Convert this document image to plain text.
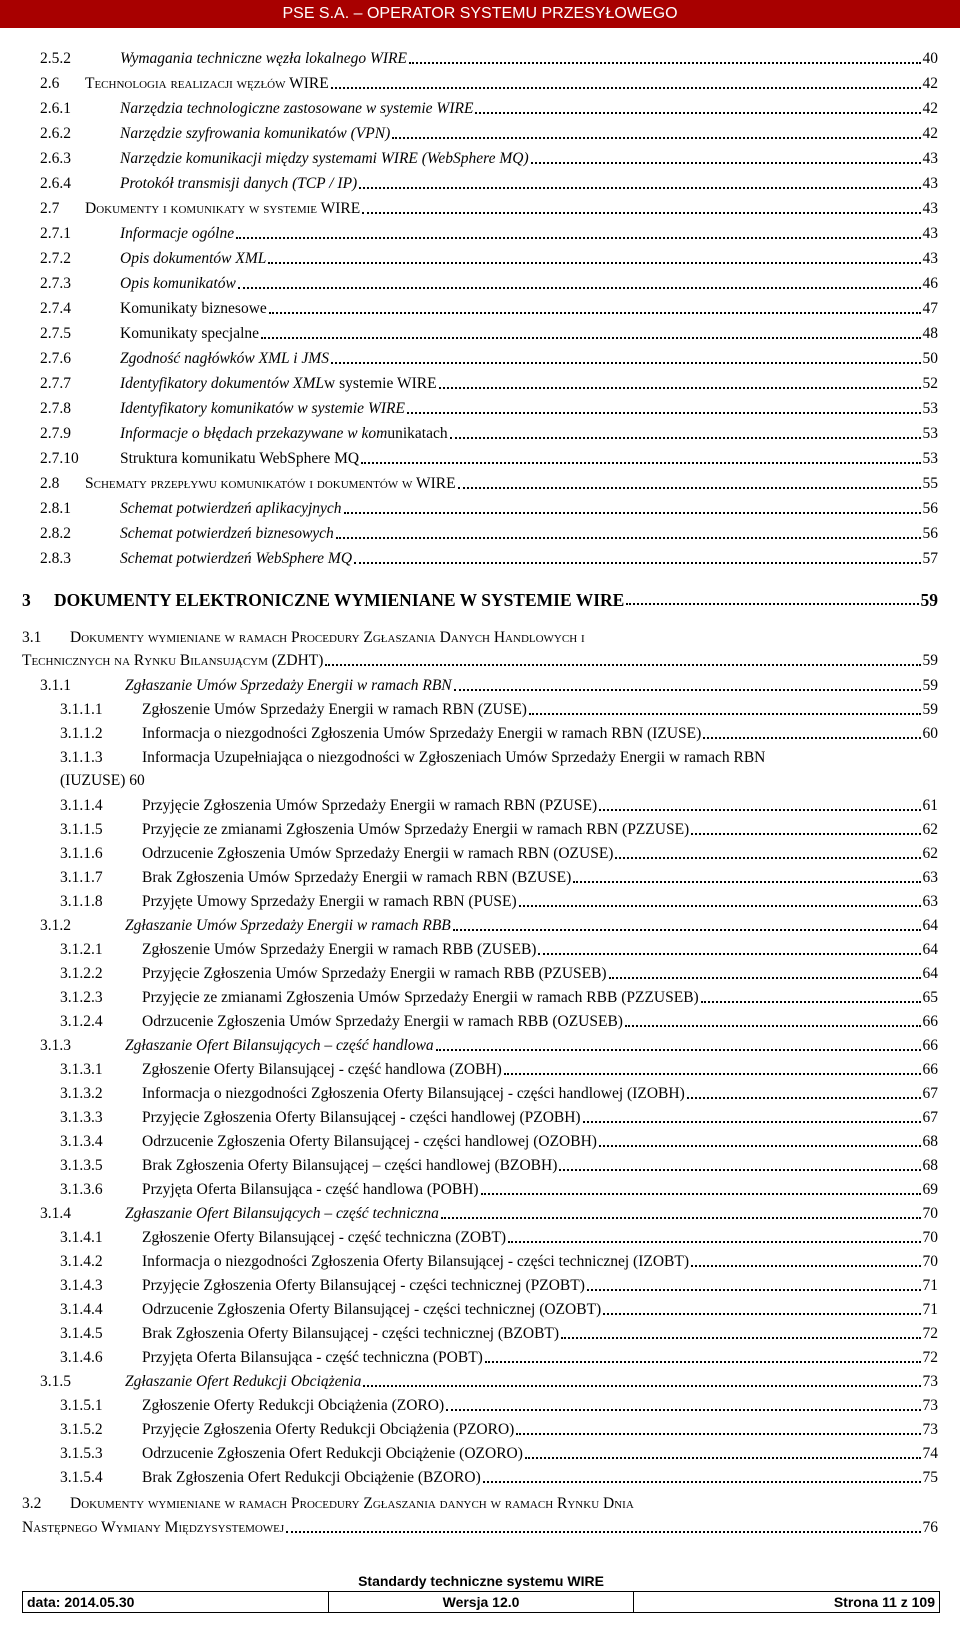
PSE S.A. – OPERATOR SYSTEMU PRZESYŁOWEGO
2.5.2	Wymagania techniczne węzła lokalnego WIRE	40
2.6	Technologia realizacji węzłów WIRE	42
2.6.1	Narzędzia technologiczne zastosowane w systemie WIRE	42
2.6.2	Narzędzie szyfrowania komunikatów (VPN)	42
2.6.3	Narzędzie komunikacji między systemami WIRE (WebSphere MQ)	43
2.6.4	Protokół transmisji danych (TCP / IP)	43
2.7	Dokumenty i komunikaty w systemie WIRE	43
2.7.1	Informacje ogólne	43
2.7.2	Opis dokumentów XML	43
2.7.3	Opis komunikatów	46
2.7.4	Komunikaty biznesowe	47
2.7.5	Komunikaty specjalne	48
2.7.6	Zgodność nagłówków XML i JMS	50
2.7.7	Identyfikatory dokumentów XML w systemie WIRE	52
2.7.8	Identyfikatory komunikatów w systemie WIRE	53
2.7.9	Informacje o błędach przekazywane w kom unikatach	53
2.7.10	Struktura komunikatu WebSphere MQ	53
2.8	Schematy przepływu komunikatów i dokumentów w WIRE	55
2.8.1	Schemat potwierdzeń aplikacyjnych	56
2.8.2	Schemat potwierdzeń biznesowych	56
2.8.3	Schemat potwierdzeń WebSphere MQ	57
3	DOKUMENTY ELEKTRONICZNE WYMIENIANE W SYSTEMIE WIRE	59
3.1	Dokumenty wymieniane w ramach Procedury Zgłaszania Danych Handlowych i
Technicznych na Rynku Bilansującym (ZDHT)	59
3.1.1	Zgłaszanie Umów Sprzedaży Energii w ramach RBN	59
3.1.1.1	Zgłoszenie Umów Sprzedaży Energii w ramach RBN (ZUSE)	59
3.1.1.2	Informacja o niezgodności Zgłoszenia Umów Sprzedaży Energii w ramach RBN (IZUSE)	60
3.1.1.3	Informacja Uzupełniająca o niezgodności w Zgłoszeniach Umów Sprzedaży Energii w ramach RBN
(IUZUSE) 60
3.1.1.4	Przyjęcie Zgłoszenia Umów Sprzedaży Energii w ramach RBN (PZUSE)	61
3.1.1.5	Przyjęcie ze zmianami Zgłoszenia Umów Sprzedaży Energii w ramach RBN (PZZUSE)	62
3.1.1.6	Odrzucenie Zgłoszenia Umów Sprzedaży Energii w ramach RBN (OZUSE)	62
3.1.1.7	Brak Zgłoszenia Umów Sprzedaży Energii w ramach RBN (BZUSE)	63
3.1.1.8	Przyjęte Umowy Sprzedaży Energii w ramach RBN (PUSE)	63
3.1.2	Zgłaszanie Umów Sprzedaży Energii w ramach RBB	64
3.1.2.1	Zgłoszenie Umów Sprzedaży Energii w ramach RBB (ZUSEB)	64
3.1.2.2	Przyjęcie Zgłoszenia Umów Sprzedaży Energii w ramach RBB (PZUSEB)	64
3.1.2.3	Przyjęcie ze zmianami Zgłoszenia Umów Sprzedaży Energii w ramach RBB (PZZUSEB)	65
3.1.2.4	Odrzucenie Zgłoszenia Umów Sprzedaży Energii w ramach RBB (OZUSEB)	66
3.1.3	Zgłaszanie Ofert Bilansujących – część handlowa	66
3.1.3.1	Zgłoszenie Oferty Bilansującej - część handlowa (ZOBH)	66
3.1.3.2	Informacja o niezgodności Zgłoszenia Oferty Bilansującej - części handlowej (IZOBH)	67
3.1.3.3	Przyjęcie Zgłoszenia Oferty Bilansującej - części handlowej (PZOBH)	67
3.1.3.4	Odrzucenie Zgłoszenia Oferty Bilansującej - części handlowej (OZOBH)	68
3.1.3.5	Brak Zgłoszenia Oferty Bilansującej – części handlowej (BZOBH)	68
3.1.3.6	Przyjęta Oferta Bilansująca - część handlowa (POBH)	69
3.1.4	Zgłaszanie Ofert Bilansujących – część techniczna	70
3.1.4.1	Zgłoszenie Oferty Bilansującej - część techniczna (ZOBT)	70
3.1.4.2	Informacja o niezgodności Zgłoszenia Oferty Bilansującej - części technicznej (IZOBT)	70
3.1.4.3	Przyjęcie Zgłoszenia Oferty Bilansującej - części technicznej (PZOBT)	71
3.1.4.4	Odrzucenie Zgłoszenia Oferty Bilansującej - części technicznej (OZOBT)	71
3.1.4.5	Brak Zgłoszenia Oferty Bilansującej - części technicznej (BZOBT)	72
3.1.4.6	Przyjęta Oferta Bilansująca - część techniczna (POBT)	72
3.1.5	Zgłaszanie Ofert Redukcji Obciążenia	73
3.1.5.1	Zgłoszenie Oferty Redukcji Obciążenia (ZORO)	73
3.1.5.2	Przyjęcie Zgłoszenia Oferty Redukcji Obciążenia (PZORO)	73
3.1.5.3	Odrzucenie Zgłoszenia Ofert Redukcji Obciążenie (OZORO)	74
3.1.5.4	Brak Zgłoszenia Ofert Redukcji Obciążenie (BZORO)	75
3.2	Dokumenty wymieniane w ramach Procedury Zgłaszania danych w ramach Rynku Dnia
Następnego Wymiany Międzysystemowej	76
Standardy techniczne systemu WIRE
data: 2014.05.30	Wersja 12.0	Strona 11 z 109
